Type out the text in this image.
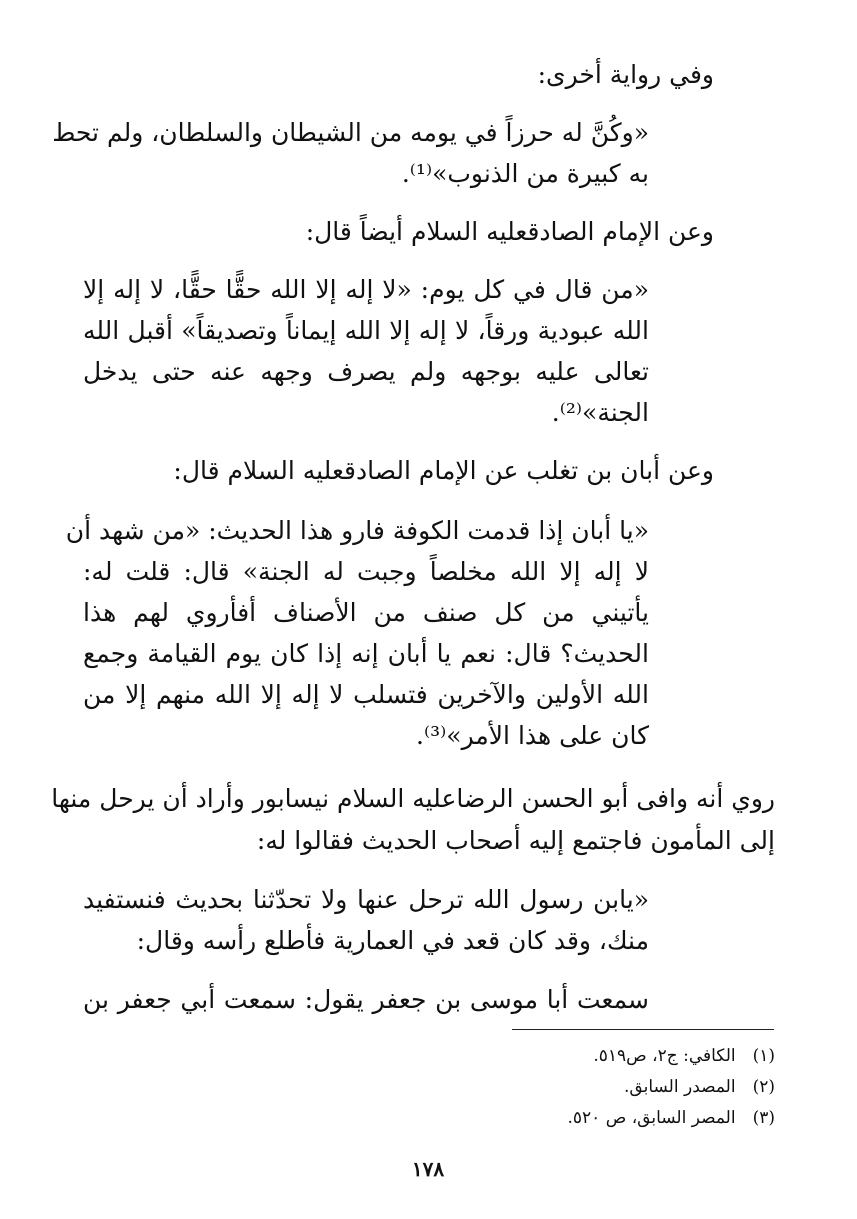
وفي رواية أخرى:
«وكُنَّ له حرزاً في يومه من الشيطان والسلطان، ولم تحط
به كبيرة من الذنوب»⁽¹⁾.
وعن الإمام الصادقعليه السلام أيضاً قال:
«من قال في كل يوم: «لا إله إلا الله حقًّا حقًّا، لا إله إلا
الله عبودية ورقاً، لا إله إلا الله إيماناً وتصديقاً» أقبل الله
تعالى عليه بوجهه ولم يصرف وجهه عنه حتى يدخل
الجنة»⁽²⁾.
وعن أبان بن تغلب عن الإمام الصادقعليه السلام قال:
«يا أبان إذا قدمت الكوفة فارو هذا الحديث: «من شهد أن
لا إله إلا الله مخلصاً وجبت له الجنة» قال: قلت له:
يأتيني من كل صنف من الأصناف أفأروي لهم هذا
الحديث؟ قال: نعم يا أبان إنه إذا كان يوم القيامة وجمع
الله الأولين والآخرين فتسلب لا إله إلا الله منهم إلا من
كان على هذا الأمر»⁽³⁾.
روي أنه وافى أبو الحسن الرضاعليه السلام نيسابور وأراد أن يرحل منها
إلى المأمون فاجتمع إليه أصحاب الحديث فقالوا له:
«يابن رسول الله ترحل عنها ولا تحدّثنا بحديث فنستفيد
منك، وقد كان قعد في العمارية فأطلع رأسه وقال:
سمعت أبا موسى بن جعفر يقول: سمعت أبي جعفر بن
(١) الكافي: ج٢، ص٥١٩.
(٢) المصدر السابق.
(٣) المصر السابق، ص ٥٢٠.
١٧٨
